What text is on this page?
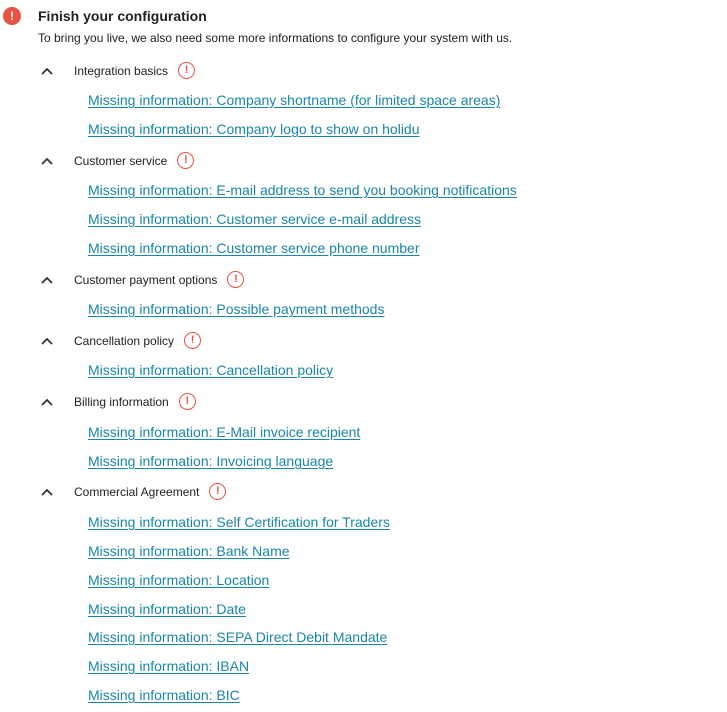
!	Finish your configuration
To bring you live, we also need some more informations to configure your system with us.
Integration basics !
Missing information: Company shortname (for limited space areas)
Missing information: Company logo to show on holidu
Customer service !
Missing information: E-mail address to send you booking notifications
Missing information: Customer service e-mail address
Missing information: Customer service phone number
Customer payment options !
Missing information: Possible payment methods
Cancellation policy !
Missing information: Cancellation policy
Billing information !
Missing information: E-Mail invoice recipient
Missing information: Invoicing language
Commercial Agreement !
Missing information: Self Certification for Traders
Missing information: Bank Name
Missing information: Location
Missing information: Date
Missing information: SEPA Direct Debit Mandate
Missing information: IBAN
Missing information: BIC
